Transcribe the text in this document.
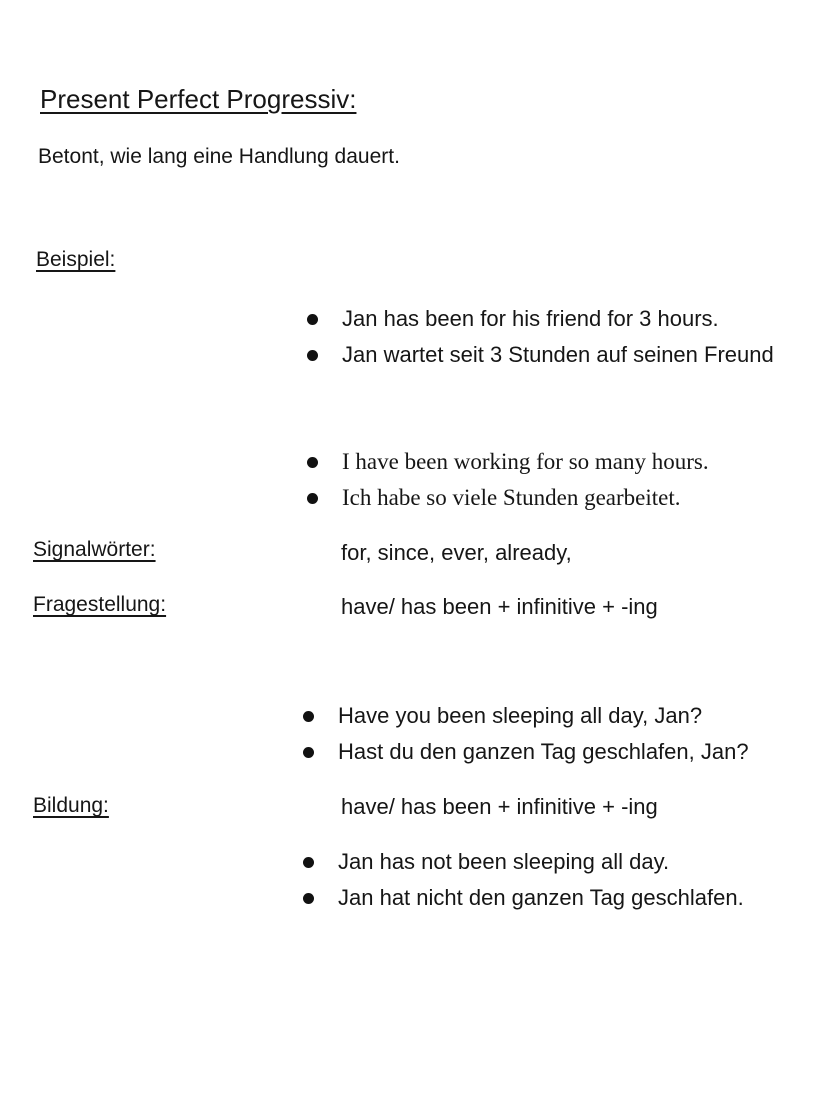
Present Perfect Progressiv:
Betont, wie lang eine Handlung dauert.
Beispiel:
Jan has been for his friend for 3 hours.
Jan wartet seit 3 Stunden auf seinen Freund
I have been working for so many hours.
Ich habe so viele Stunden gearbeitet.
Signalwörter:	for, since, ever, already,
Fragestellung:	have/ has been + infinitive + -ing
Have you been sleeping all day, Jan?
Hast du den ganzen Tag geschlafen, Jan?
Bildung:	have/ has been + infinitive + -ing
Jan has not been sleeping all day.
Jan hat nicht den ganzen Tag geschlafen.
